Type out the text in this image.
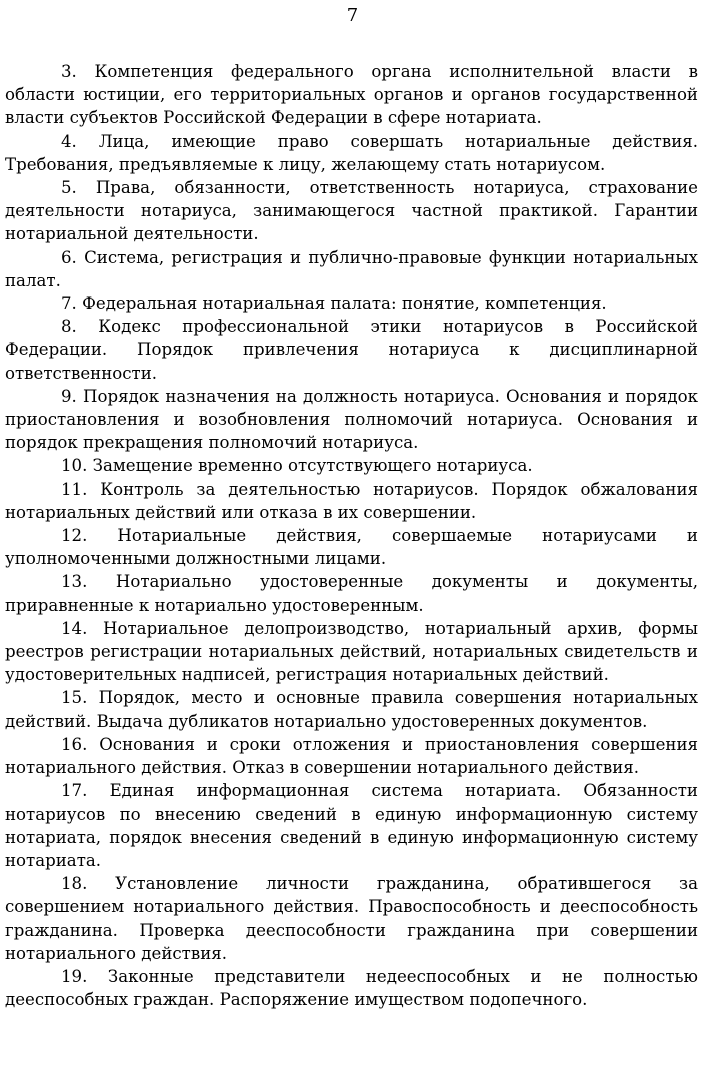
7

3. Компетенция федерального органа исполнительной власти в области юстиции, его территориальных органов и органов государственной власти субъектов Российской Федерации в сфере нотариата.

4. Лица, имеющие право совершать нотариальные действия. Требования, предъявляемые к лицу, желающему стать нотариусом.

5. Права, обязанности, ответственность нотариуса, страхование деятельности нотариуса, занимающегося частной практикой. Гарантии нотариальной деятельности.

6. Система, регистрация и публично-правовые функции нотариальных палат.

7. Федеральная нотариальная палата: понятие, компетенция.

8. Кодекс профессиональной этики нотариусов в Российской Федерации. Порядок привлечения нотариуса к дисциплинарной ответственности.

9. Порядок назначения на должность нотариуса. Основания и порядок приостановления и возобновления полномочий нотариуса. Основания и порядок прекращения полномочий нотариуса.

10. Замещение временно отсутствующего нотариуса.

11. Контроль за деятельностью нотариусов. Порядок обжалования нотариальных действий или отказа в их совершении.

12. Нотариальные действия, совершаемые нотариусами и уполномоченными должностными лицами.

13. Нотариально удостоверенные документы и документы, приравненные к нотариально удостоверенным.

14. Нотариальное делопроизводство, нотариальный архив, формы реестров регистрации нотариальных действий, нотариальных свидетельств и удостоверительных надписей, регистрация нотариальных действий.

15. Порядок, место и основные правила совершения нотариальных действий. Выдача дубликатов нотариально удостоверенных документов.

16. Основания и сроки отложения и приостановления совершения нотариального действия. Отказ в совершении нотариального действия.

17. Единая информационная система нотариата. Обязанности нотариусов по внесению сведений в единую информационную систему нотариата, порядок внесения сведений в единую информационную систему нотариата.

18. Установление личности гражданина, обратившегося за совершением нотариального действия. Правоспособность и дееспособность гражданина. Проверка дееспособности гражданина при совершении нотариального действия.

19. Законные представители недееспособных и не полностью дееспособных граждан. Распоряжение имуществом подопечного.
